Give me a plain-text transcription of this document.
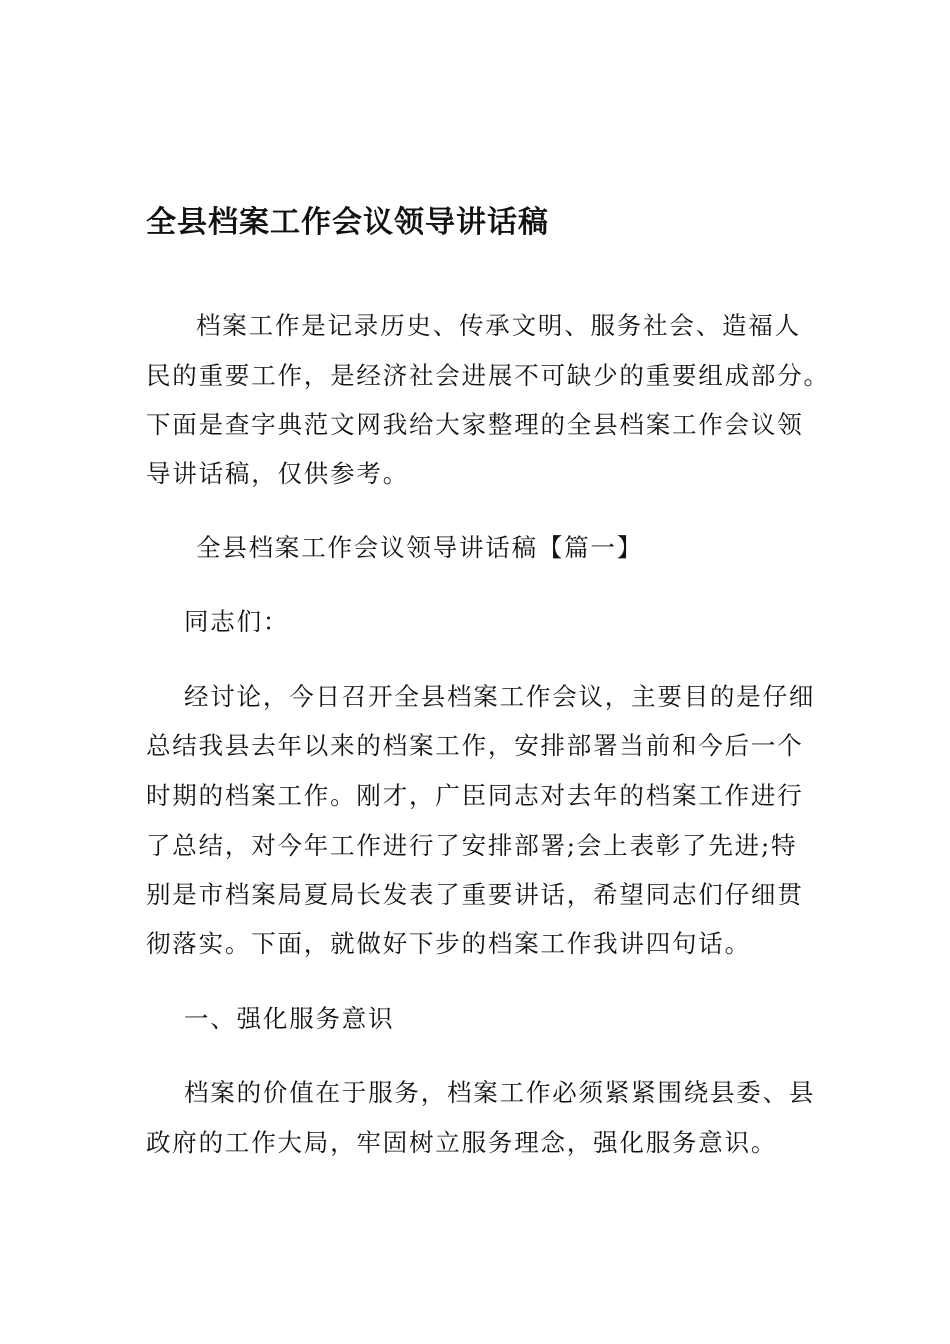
全县档案工作会议领导讲话稿
档案工作是记录历史、传承文明、服务社会、造福人
民的重要工作，是经济社会进展不可缺少的重要组成部分。
下面是查字典范文网我给大家整理的全县档案工作会议领
导讲话稿，仅供参考。
全县档案工作会议领导讲话稿【篇一】
同志们：
经讨论，今日召开全县档案工作会议，主要目的是仔细
总结我县去年以来的档案工作，安排部署当前和今后一个
时期的档案工作。刚才，广臣同志对去年的档案工作进行
了总结，对今年工作进行了安排部署;会上表彰了先进;特
别是市档案局夏局长发表了重要讲话，希望同志们仔细贯
彻落实。下面，就做好下步的档案工作我讲四句话。
一、强化服务意识
档案的价值在于服务，档案工作必须紧紧围绕县委、县
政府的工作大局，牢固树立服务理念，强化服务意识。
